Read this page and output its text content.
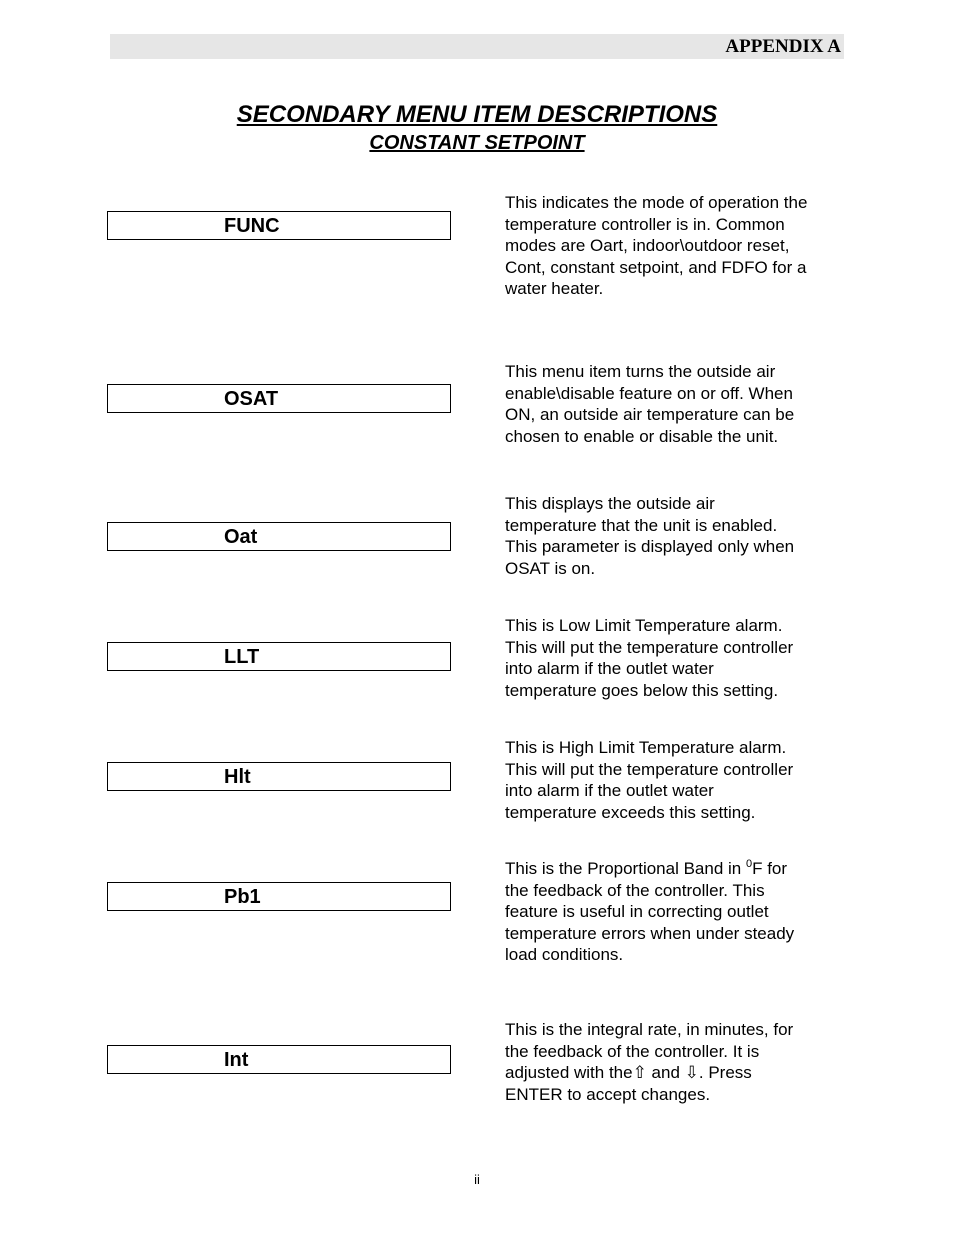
APPENDIX A
SECONDARY MENU ITEM DESCRIPTIONS
CONSTANT SETPOINT
FUNC
This indicates the mode of operation the
temperature controller is in. Common
modes are Oart, indoor\outdoor reset,
Cont, constant setpoint, and FDFO for a
water heater.
OSAT
This menu item turns the outside air
enable\disable feature on or off. When
ON, an outside air temperature can be
chosen to enable or disable the unit.
Oat
This displays the outside air
temperature that the unit is enabled.
This parameter is displayed only when
OSAT is on.
LLT
This is Low Limit Temperature alarm.
This will put the temperature controller
into alarm if the outlet water
temperature goes below this setting.
Hlt
This is High Limit Temperature alarm.
This will put the temperature controller
into alarm if the outlet water
temperature exceeds this setting.
Pb1
This is the Proportional Band in $^0$F for
the feedback of the controller. This
feature is useful in correcting outlet
temperature errors when under steady
load conditions.
Int
This is the integral rate, in minutes, for
the feedback of the controller. It is
adjusted with the⇧ and ⇩. Press
ENTER to accept changes.
ii
